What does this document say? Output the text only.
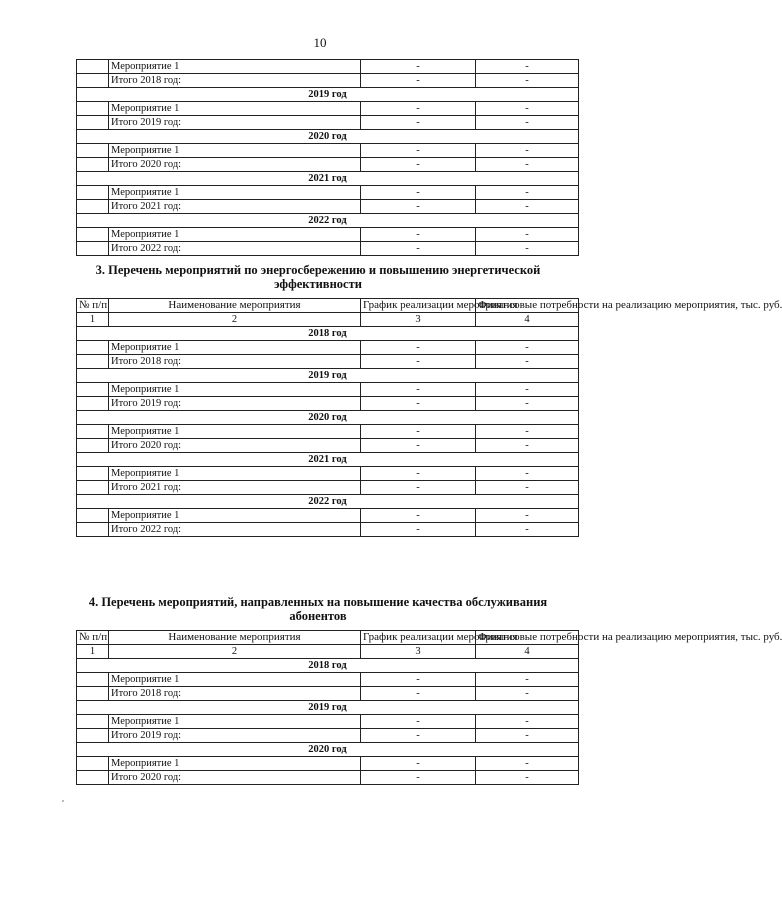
10
	Мероприятие 1	-	-
	Итого 2018 год:	-	-
2019 год			
	Мероприятие 1	-	-
	Итого 2019 год:	-	-
2020 год			
	Мероприятие 1	-	-
	Итого 2020 год:	-	-
2021 год			
	Мероприятие 1	-	-
	Итого 2021 год:	-	-
2022 год			
	Мероприятие 1	-	-
	Итого 2022 год:	-	-
3. Перечень мероприятий по энергосбережению и повышению энергетической эффективности
№ п/п	Наименование мероприятия	График реализации мероприятия	Финансовые потребности на реализацию мероприятия, тыс. руб.
1	2	3	4
2018 год			
	Мероприятие 1	-	-
	Итого 2018 год:	-	-
2019 год			
	Мероприятие 1	-	-
	Итого 2019 год:	-	-
2020 год			
	Мероприятие 1	-	-
	Итого 2020 год:	-	-
2021 год			
	Мероприятие 1	-	-
	Итого 2021 год:	-	-
2022 год			
	Мероприятие 1	-	-
	Итого 2022 год:	-	-
4. Перечень мероприятий, направленных на повышение качества обслуживания абонентов
№ п/п	Наименование мероприятия	График реализации мероприятия	Финансовые потребности на реализацию мероприятия, тыс. руб.
1	2	3	4
2018 год			
	Мероприятие 1	-	-
	Итого 2018 год:	-	-
2019 год			
	Мероприятие 1	-	-
	Итого 2019 год:	-	-
2020 год			
	Мероприятие 1	-	-
	Итого 2020 год:	-	-
